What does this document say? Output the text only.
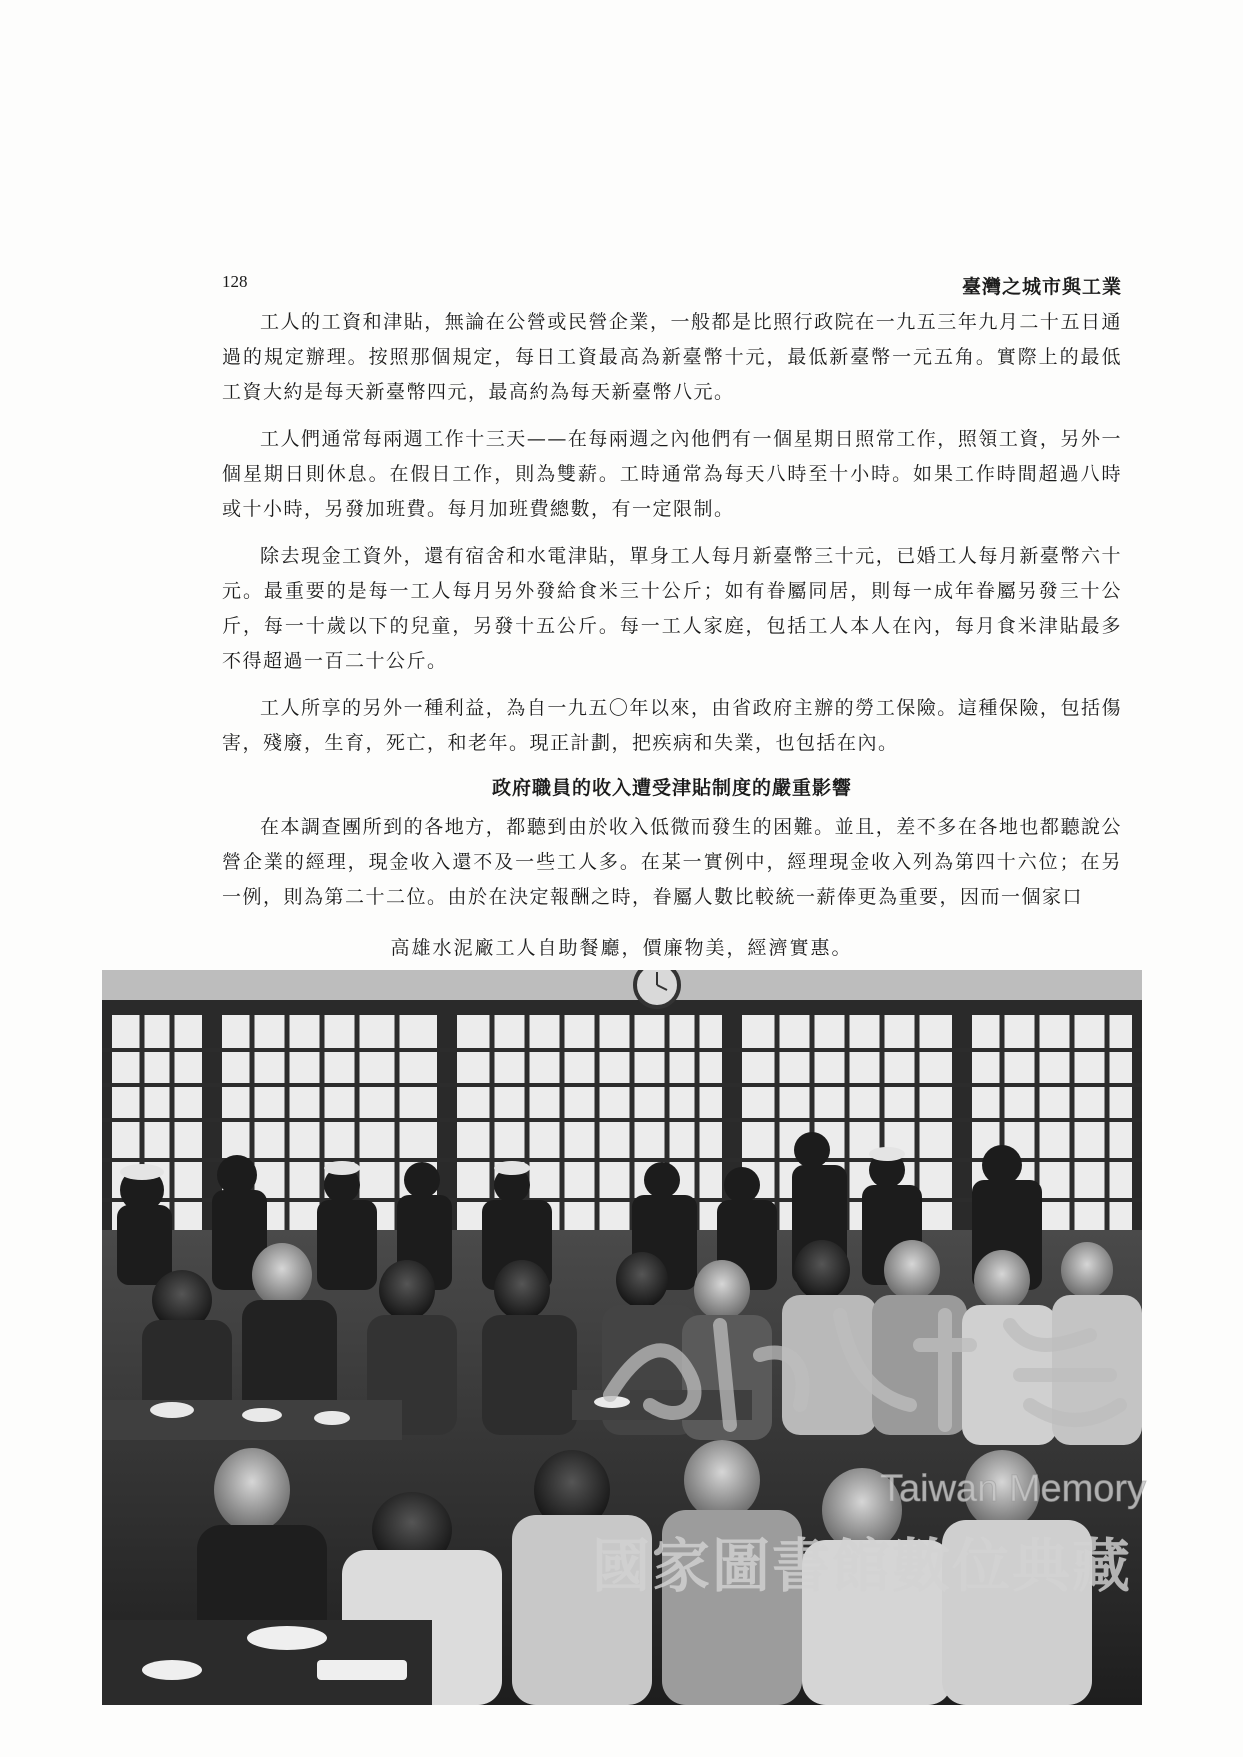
128	臺灣之城市與工業

工人的工資和津貼，無論在公營或民營企業，一般都是比照行政院在一九五三年九月二十五日通過的規定辦理。按照那個規定，每日工資最高為新臺幣十元，最低新臺幣一元五角。實際上的最低工資大約是每天新臺幣四元，最高約為每天新臺幣八元。

工人們通常每兩週工作十三天——在每兩週之內他們有一個星期日照常工作，照領工資，另外一個星期日則休息。在假日工作，則為雙薪。工時通常為每天八時至十小時。如果工作時間超過八時或十小時，另發加班費。每月加班費總數，有一定限制。

除去現金工資外，還有宿舍和水電津貼，單身工人每月新臺幣三十元，已婚工人每月新臺幣六十元。最重要的是每一工人每月另外發給食米三十公斤；如有眷屬同居，則每一成年眷屬另發三十公斤，每一十歲以下的兒童，另發十五公斤。每一工人家庭，包括工人本人在內，每月食米津貼最多不得超過一百二十公斤。

工人所享的另外一種利益，為自一九五〇年以來，由省政府主辦的勞工保險。這種保險，包括傷害，殘廢，生育，死亡，和老年。現正計劃，把疾病和失業，也包括在內。

政府職員的收入遭受津貼制度的嚴重影響

在本調查團所到的各地方，都聽到由於收入低微而發生的困難。並且，差不多在各地也都聽說公營企業的經理，現金收入還不及一些工人多。在某一實例中，經理現金收入列為第四十六位；在另一例，則為第二十二位。由於在決定報酬之時，眷屬人數比較統一薪俸更為重要，因而一個家口

高雄水泥廠工人自助餐廳，價廉物美，經濟實惠。
Taiwan Memory
國家圖書館數位典藏
